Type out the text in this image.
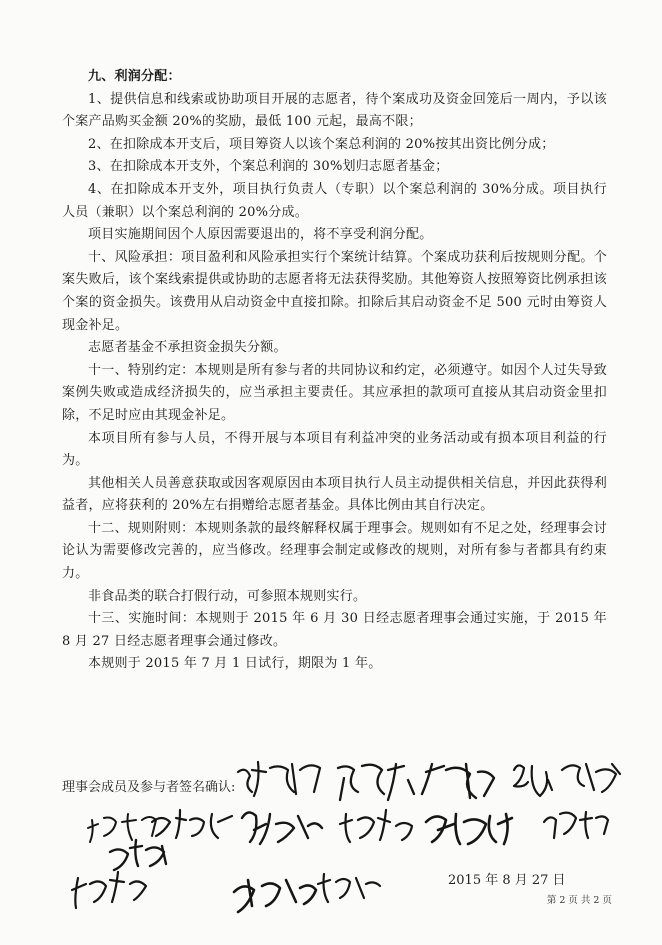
九、利润分配：

1、提供信息和线索或协助项目开展的志愿者，待个案成功及资金回笼后一周内，予以该个案产品购买金额 20%的奖励，最低 100 元起，最高不限；

2、在扣除成本开支后，项目筹资人以该个案总利润的 20%按其出资比例分成；

3、在扣除成本开支外，个案总利润的 30%划归志愿者基金；

4、在扣除成本开支外，项目执行负责人（专职）以个案总利润的 30%分成。项目执行人员（兼职）以个案总利润的 20%分成。

项目实施期间因个人原因需要退出的，将不享受利润分配。

十、风险承担：项目盈利和风险承担实行个案统计结算。个案成功获利后按规则分配。个案失败后，该个案线索提供或协助的志愿者将无法获得奖励。其他筹资人按照筹资比例承担该个案的资金损失。该费用从启动资金中直接扣除。扣除后其启动资金不足 500 元时由筹资人现金补足。

志愿者基金不承担资金损失分额。

十一、特别约定：本规则是所有参与者的共同协议和约定，必须遵守。如因个人过失导致案例失败或造成经济损失的，应当承担主要责任。其应承担的款项可直接从其启动资金里扣除，不足时应由其现金补足。

本项目所有参与人员，不得开展与本项目有利益冲突的业务活动或有损本项目利益的行为。

其他相关人员善意获取或因客观原因由本项目执行人员主动提供相关信息，并因此获得利益者，应将获利的 20%左右捐赠给志愿者基金。具体比例由其自行决定。

十二、规则附则：本规则条款的最终解释权属于理事会。规则如有不足之处，经理事会讨论认为需要修改完善的，应当修改。经理事会制定或修改的规则，对所有参与者都具有约束力。

非食品类的联合打假行动，可参照本规则实行。

十三、实施时间：本规则于 2015 年 6 月 30 日经志愿者理事会通过实施，于 2015 年 8 月 27 日经志愿者理事会通过修改。

本规则于 2015 年 7 月 1 日试行，期限为 1 年。

理事会成员及参与者签名确认:
2015 年 8 月 27 日
第 2 页 共 2 页
